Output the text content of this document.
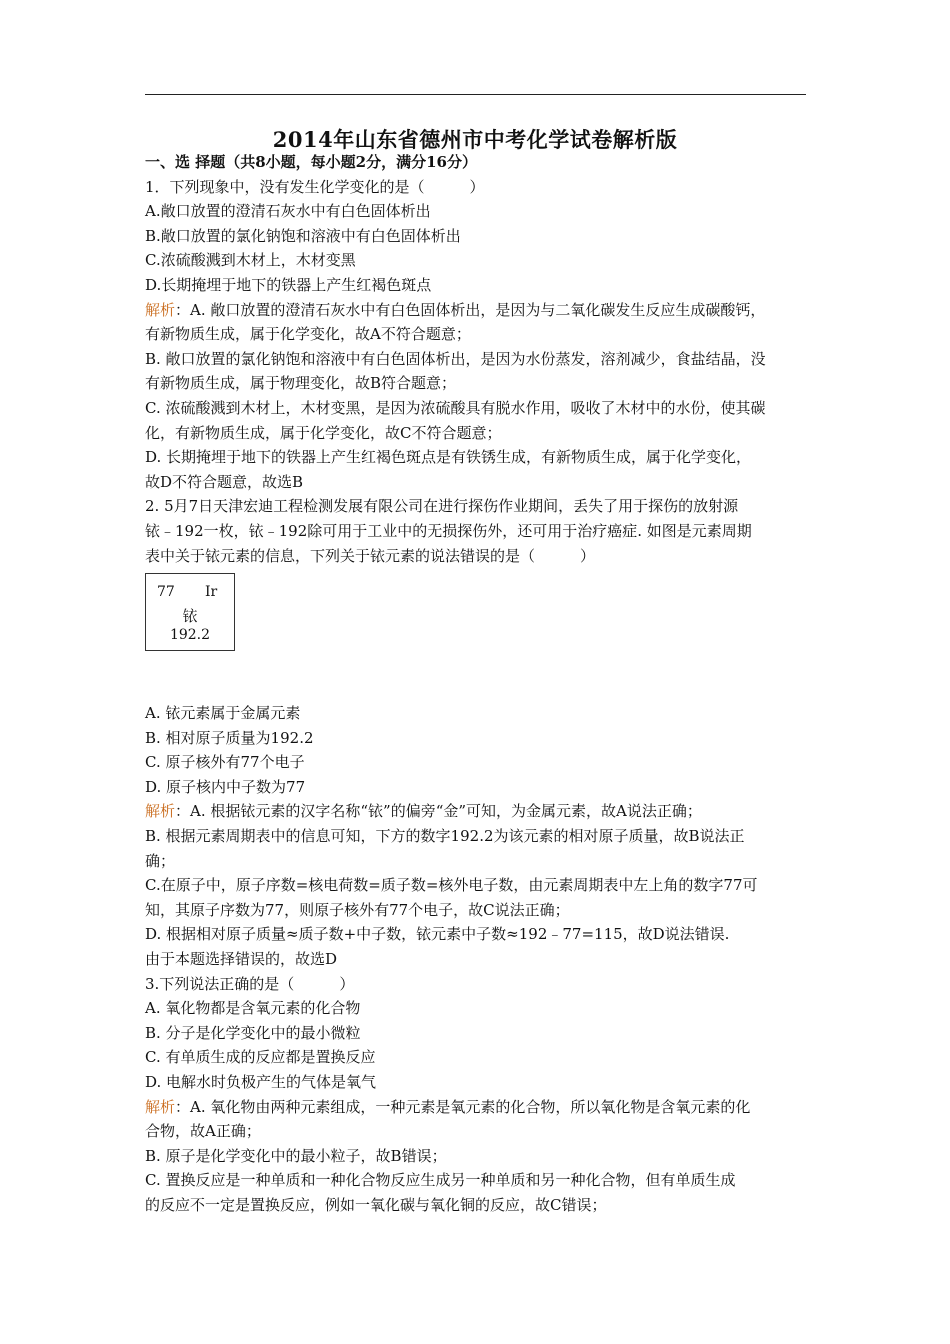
2014年山东省德州市中考化学试卷解析版
一、选 择题（共8小题，每小题2分，满分16分）
1．下列现象中，没有发生化学变化的是（　　　）
A.敞口放置的澄清石灰水中有白色固体析出
B.敞口放置的氯化钠饱和溶液中有白色固体析出
C.浓硫酸溅到木材上，木材变黑
D.长期掩埋于地下的铁器上产生红褐色斑点
解析：A. 敞口放置的澄清石灰水中有白色固体析出，是因为与二氧化碳发生反应生成碳酸钙，
有新物质生成，属于化学变化，故A不符合题意；
B. 敞口放置的氯化钠饱和溶液中有白色固体析出，是因为水份蒸发，溶剂减少，食盐结晶，没
有新物质生成，属于物理变化，故B符合题意；
C. 浓硫酸溅到木材上，木材变黑，是因为浓硫酸具有脱水作用，吸收了木材中的水份，使其碳
化，有新物质生成，属于化学变化，故C不符合题意；
D. 长期掩埋于地下的铁器上产生红褐色斑点是有铁锈生成，有新物质生成，属于化学变化，
故D不符合题意，故选B
2. 5月7日天津宏迪工程检测发展有限公司在进行探伤作业期间，丢失了用于探伤的放射源
铱﹣192一枚，铱﹣192除可用于工业中的无损探伤外，还可用于治疗癌症. 如图是元素周期
表中关于铱元素的信息，下列关于铱元素的说法错误的是（　　　）
77 Ir
铱
192.2
A. 铱元素属于金属元素
B. 相对原子质量为192.2
C. 原子核外有77个电子
D. 原子核内中子数为77
解析：A. 根据铱元素的汉字名称“铱”的偏旁“金”可知，为金属元素，故A说法正确；
B. 根据元素周期表中的信息可知，下方的数字192.2为该元素的相对原子质量，故B说法正
确；
C.在原子中，原子序数=核电荷数=质子数=核外电子数，由元素周期表中左上角的数字77可
知，其原子序数为77，则原子核外有77个电子，故C说法正确；
D. 根据相对原子质量≈质子数+中子数，铱元素中子数≈192﹣77=115，故D说法错误.
由于本题选择错误的，故选D
3.下列说法正确的是（　　　）
A. 氧化物都是含氧元素的化合物
B. 分子是化学变化中的最小微粒
C. 有单质生成的反应都是置换反应
D. 电解水时负极产生的气体是氧气
解析：A. 氧化物由两种元素组成，一种元素是氧元素的化合物，所以氧化物是含氧元素的化
合物，故A正确；
B. 原子是化学变化中的最小粒子，故B错误；
C. 置换反应是一种单质和一种化合物反应生成另一种单质和另一种化合物，但有单质生成
的反应不一定是置换反应，例如一氧化碳与氧化铜的反应，故C错误；
